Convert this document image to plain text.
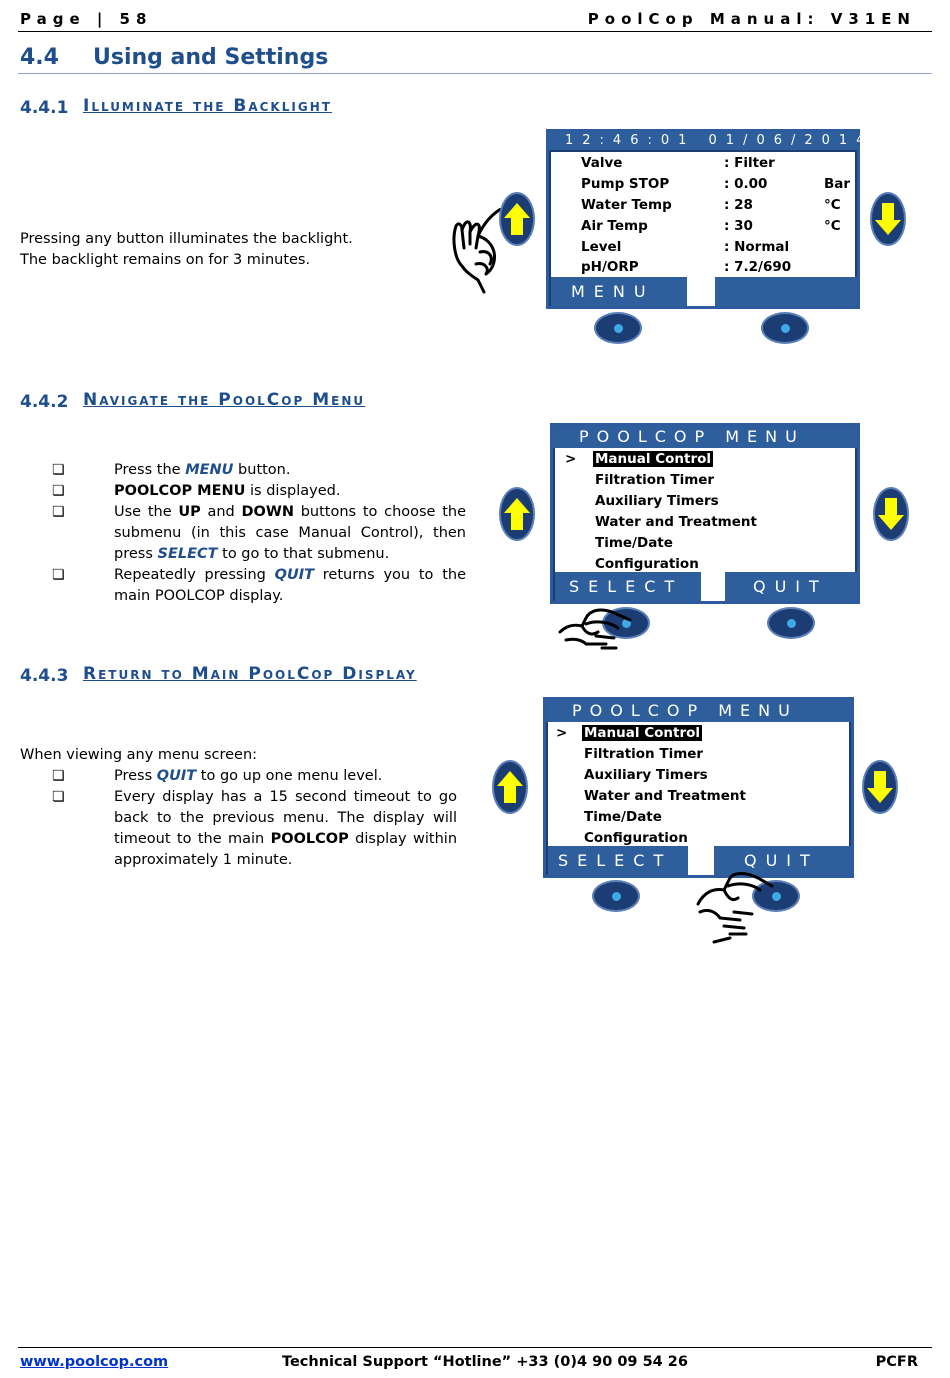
Page | 58	PoolCop Manual: V31EN
4.4 Using and Settings
4.4.1 Illuminate the Backlight

Pressing any button illuminates the backlight.

The backlight remains on for 3 minutes.

12:46:01 01/06/2014
Valve	: Filter
Pump STOP	: 0.00	Bar
Water Temp	: 28	°C
Air Temp	: 30	°C
Level	: Normal
pH/ORP	: 7.2/690
MENU
4.4.2 Navigate the PoolCop Menu
❏ Press the MENU button.
❏ POOLCOP MENU is displayed.
❏ Use the UP and DOWN buttons to choose the submenu (in this case Manual Control), then press SELECT to go to that submenu.
❏ Repeatedly pressing QUIT returns you to the main POOLCOP display.
POOLCOP MENU
> Manual Control
Filtration Timer
Auxiliary Timers
Water and Treatment
Time/Date
Configuration
SELECT	QUIT
4.4.3 Return to Main PoolCop Display
When viewing any menu screen:
❏ Press QUIT to go up one menu level.
❏ Every display has a 15 second timeout to go back to the previous menu. The display will timeout to the main POOLCOP display within approximately 1 minute.
POOLCOP MENU
> Manual Control
Filtration Timer
Auxiliary Timers
Water and Treatment
Time/Date
Configuration
SELECT	QUIT
www.poolcop.com	Technical Support “Hotline” +33 (0)4 90 09 54 26	PCFR
